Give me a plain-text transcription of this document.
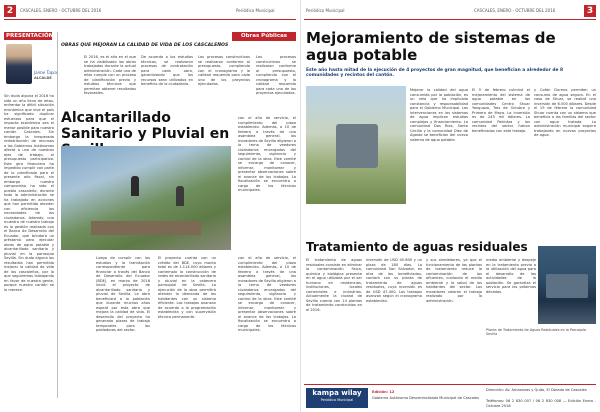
2	CASCALES, ENERO - OCTUBRE DEL 2016	Periódico Municipal
PRESENTACIÓN
Jaime Tapia
ALCALDE
Sin duda alguna el 2016 ha sido un año lleno de retos, enfrentar la difícil situación económica que vive el país ha significado duplicar esfuerzos para que el impacto económico sea el menor posible para nuestro cantón Cascales. Sin embargo la inesperada redistribución de recursos a los Gobiernos Autónomos afectó a uno de nuestros ejes de trabajo, el presupuesto participativo. Este giro financiero ha impedido cumplir con parte de lo planificado para el presente año fiscal, sin embargo nuestro compromiso ha sido el pueblo cascaleño, durante todo la administración se ha trabajado en acciones que han permitido atender con eficiencia las necesidades de los ciudadanos. Además, una muestra de nuestro trabajo es la gestión realizada con el Banco de Desarrollo del Ecuador, que brindará un préstamo para ejecutar obras de agua potable y alcantarillado sanitario y pluvial en la parroquia Sevilla. Sin duda alguna los resultados han permitido mejorar la calidad de vida de los cascaleños, por lo que seguiremos trabajando en favor de nuestra gente, porque nuestro cantón se lo merece.
Obras Públicas
OBRAS QUE MEJORAN LA CALIDAD DE VIDA DE LOS CASCALEÑOS
El 2016, es el año en el que se ha visibilizado las obras trabajadas durante la actual administración. Cada una de ellas cumple con un proceso de planificación previo y estudios técnicos que permiten obtener resultados favorables.
De acuerdo a los estudios técnicos, se realizaron procesos de contratación para cada obra, garantizando que los recursos sean utilizados en beneficio de la ciudadanía.
Los procesos constructivos se realizaron conforme al presupuesto, cumpliendo con el cronograma y la calidad requerida para cada uno de los proyectos ejecutados.
Los procesos constructivos se realizaron conforme al presupuesto, cumpliendo con el cronograma y la calidad requerida para cada uno de los proyectos ejecutados.
Alcantarillado Sanitario y Pluvial en
con el año de servicio, el cumplimiento del plazo establecido. Además, a 10 de febrero a través de una asamblea general, los moradores de Sevilla eligieron a la terna de veedores ciudadanos encargados del seguimiento, vigilancia y control de la obra. Este comité se encarga de conocer, informar, monitorear y presentar observaciones sobre el avance de los trabajos. La fiscalización se encuentra a cargo de los técnicos municipales.
Luego de cumplir con los estudios y la tramitación correspondiente para financiar a través del Banco de Desarrollo del Ecuador (BDE), en marzo de 2016 inició el proyecto de alcantarillado sanitario y pluvial de Sevilla. La obra beneficiará a la población que durante muchos años esperó por esta obra que mejora la calidad de vida. El desarrollo del proyecto ha generado plazas de trabajo temporales para los pobladores del sector.
El proyecto cuenta con un crédito del BDE, cuyo monto total es de 1.114.000 dólares y contempla la construcción de redes de alcantarillado sanitario y pluvial en la cabecera parroquial de Sevilla. La ejecución de la obra permitirá atender la demanda de los habitantes con un sistema eficiente. Los trabajos avanzan de acuerdo a la programación establecida y con supervisión técnica permanente.
con el año de servicio, el cumplimiento del plazo establecido. Además, a 10 de febrero a través de una asamblea general, los moradores de Sevilla eligieron a la terna de veedores ciudadanos encargados del seguimiento, vigilancia y control de la obra. Este comité se encarga de conocer, informar, monitorear y presentar observaciones sobre el avance de los trabajos. La fiscalización se encuentra a cargo de los técnicos municipales.
Periódico Municipal	CASCALES, ENERO - OCTUBRE DEL 2016	3
Mejoramiento de sistemas de agua potable
Este año hasta mitad de la ejecución de 4 proyectos de gran magnitud, que benefician a alrededor de 8 comunidades y recintos del cantón.
Mejorar la calidad del agua consumida por la población, es un reto que ha implicado constancia y responsabilidad para el Gobierno Municipal. Las intervenciones en los sistemas de agua implican estudios complejos y financiamiento. La comunidad Dos Ríos, Santa Cecilia y la comunidad Diez de Agosto se benefician del nuevo sistema de agua potable.
El 5 de febrero culminó el mejoramiento del sistema de agua potable en las comunidades Centro Shuar Yanguaza, Tres de Octubre y Primero de Mayo. La inversión es de 245 mil dólares. La comunidad Pakintza y los recintos del sector fueron beneficiados con este trabajo.
y Cofán Dureno permiten un consumo de agua segura. En el caso de Shuar, se realizó una inversión de 6.500 dólares. Desde el 19 de febrero la comunidad Shuar cuenta con un sistema que beneficia a las familias del sector con agua tratada. La administración municipal seguirá trabajando en nuevos proyectos de agua.
Tratamiento de aguas residuales
El tratamiento de aguas residuales consiste en eliminar la contaminación física, química y biológica presente en el agua utilizada por el ser humano en residencias, instituciones, locales comerciales e industrias. Actualmente la ciudad de Sevilla cuenta con 14 plantas de tratamiento construidas en el 2016.
inversión de USD 45.890 y un plazo de 180 días. La comunidad San Salvador, es otra de las beneficiadas, contará con su planta de tratamiento de aguas residuales, cuya inversión es de USD 47.400. Los trabajos avanzan según el cronograma establecido.
y sus alrededores, ya que el funcionamiento de las plantas de tratamiento reduce la contaminación de los afluentes, cuidando el medio ambiente y la salud de los habitantes del sector. Los moradores valoran el trabajo realizado por la administración.
medio ambiente y despeje en la tratamiento previo a la utilización del agua para el desarrollo de las actividades de la población. Se garantiza el servicio para las próximas décadas.
Planta de Tratamiento de Aguas Residuales en la Parroquia Sevilla
kampa wilay
Periódico Municipal
Edición: 12
Gobierno Autónomo Descentralizado Municipal de Cascales
Dirección: Av. Amazonas y Quito, El Dorado de Cascales
Teléfonos: 06 2 830 007 / 06 2 830 008 — Edición Enero - Octubre 2016
